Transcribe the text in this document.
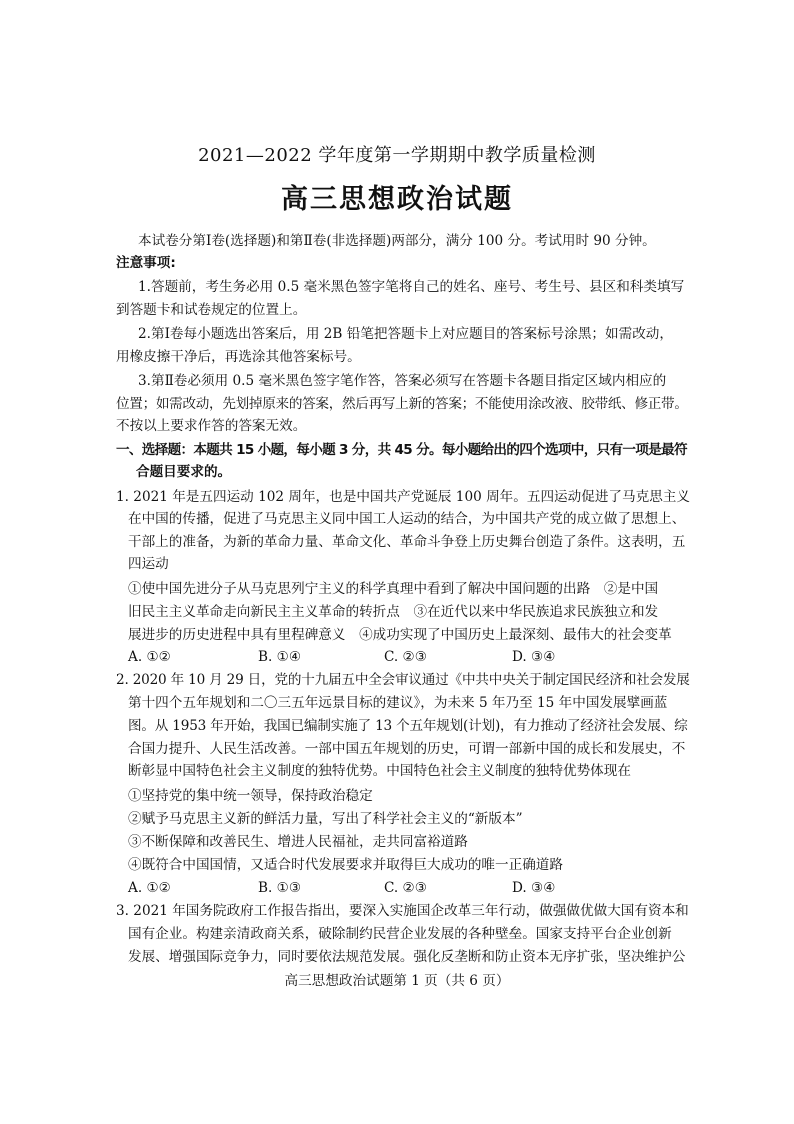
2021—2022 学年度第一学期期中教学质量检测
高三思想政治试题
本试卷分第Ⅰ卷(选择题)和第Ⅱ卷(非选择题)两部分，满分 100 分。考试用时 90 分钟。
注意事项:
1.答题前，考生务必用 0.5 毫米黑色签字笔将自己的姓名、座号、考生号、县区和科类填写
到答题卡和试卷规定的位置上。
2.第Ⅰ卷每小题选出答案后，用 2B 铅笔把答题卡上对应题目的答案标号涂黑；如需改动，
用橡皮擦干净后，再选涂其他答案标号。
3.第Ⅱ卷必须用 0.5 毫米黑色签字笔作答，答案必须写在答题卡各题目指定区域内相应的
位置；如需改动，先划掉原来的答案，然后再写上新的答案；不能使用涂改液、胶带纸、修正带。
不按以上要求作答的答案无效。
一、选择题：本题共 15 小题，每小题 3 分，共 45 分。每小题给出的四个选项中，只有一项是最符
合题目要求的。
1. 2021 年是五四运动 102 周年，也是中国共产党诞辰 100 周年。五四运动促进了马克思主义
在中国的传播，促进了马克思主义同中国工人运动的结合，为中国共产党的成立做了思想上、
干部上的准备，为新的革命力量、革命文化、革命斗争登上历史舞台创造了条件。这表明，五
四运动
①使中国先进分子从马克思列宁主义的科学真理中看到了解决中国问题的出路　②是中国
旧民主主义革命走向新民主主义革命的转折点　③在近代以来中华民族追求民族独立和发
展进步的历史进程中具有里程碑意义　④成功实现了中国历史上最深刻、最伟大的社会变革
A. ①②	B. ①④	C. ②③	D. ③④
2. 2020 年 10 月 29 日，党的十九届五中全会审议通过《中共中央关于制定国民经济和社会发展
第十四个五年规划和二〇三五年远景目标的建议》，为未来 5 年乃至 15 年中国发展擘画蓝
图。从 1953 年开始，我国已编制实施了 13 个五年规划(计划)，有力推动了经济社会发展、综
合国力提升、人民生活改善。一部中国五年规划的历史，可谓一部新中国的成长和发展史，不
断彰显中国特色社会主义制度的独特优势。中国特色社会主义制度的独特优势体现在
①坚持党的集中统一领导，保持政治稳定
②赋予马克思主义新的鲜活力量，写出了科学社会主义的“新版本”
③不断保障和改善民生、增进人民福祉，走共同富裕道路
④既符合中国国情，又适合时代发展要求并取得巨大成功的唯一正确道路
A. ①②	B. ①③	C. ②③	D. ③④
3. 2021 年国务院政府工作报告指出，要深入实施国企改革三年行动，做强做优做大国有资本和
国有企业。构建亲清政商关系，破除制约民营企业发展的各种壁垒。国家支持平台企业创新
发展、增强国际竞争力，同时要依法规范发展。强化反垄断和防止资本无序扩张，坚决维护公
高三思想政治试题第 1 页（共 6 页）
